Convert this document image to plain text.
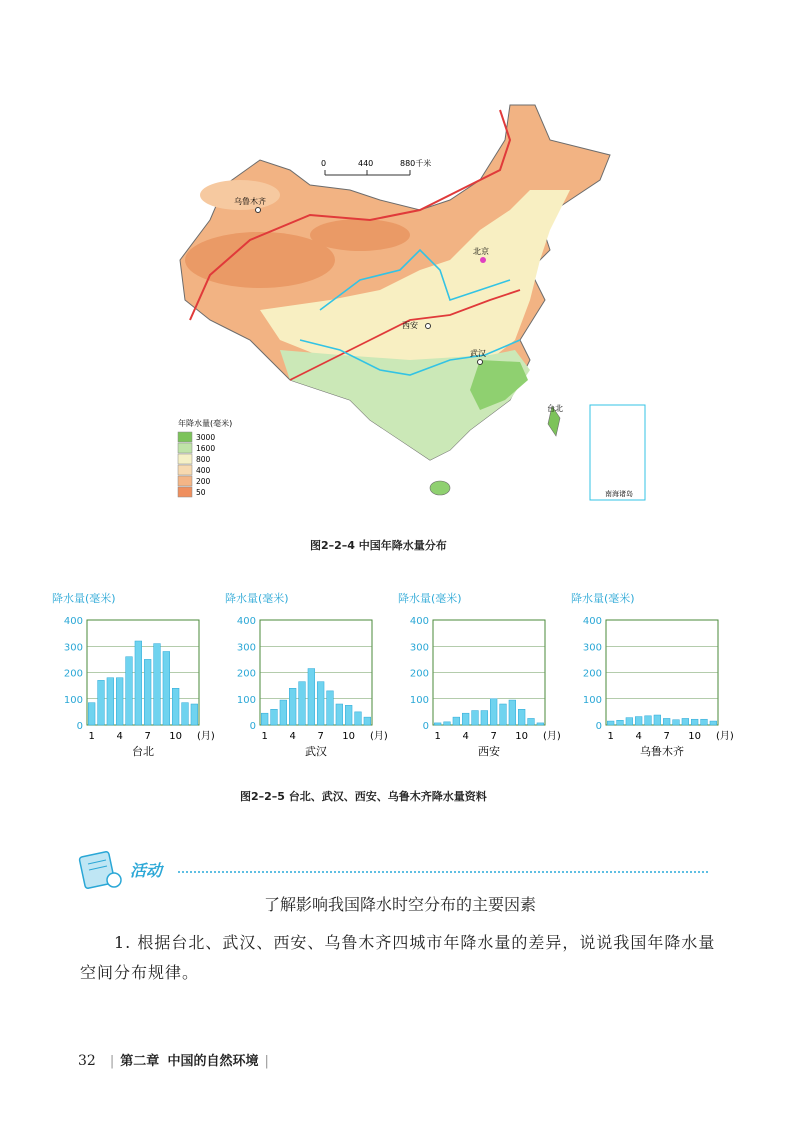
南海诸岛
0	440	880千米
乌鲁木齐
北京
西安
武汉
台北
年降水量(毫米)
3000
1600
800
400
200
50
图2–2–4 中国年降水量分布
降水量(毫米)
0
100
200
300
400
1 4 7 10 (月)
台北
降水量(毫米)
0
100
200
300
400
1 4 7 10 (月)
武汉
降水量(毫米)
0
100
200
300
400
1 4 7 10 (月)
西安
降水量(毫米)
0
100
200
300
400
1 4 7 10 (月)
乌鲁木齐
图2–2–5 台北、武汉、西安、乌鲁木齐降水量资料
活动
了解影响我国降水时空分布的主要因素
1. 根据台北、武汉、西安、乌鲁木齐四城市年降水量的差异，说说我国年降水量空间分布规律。
32 | 第二章 中国的自然环境 |
